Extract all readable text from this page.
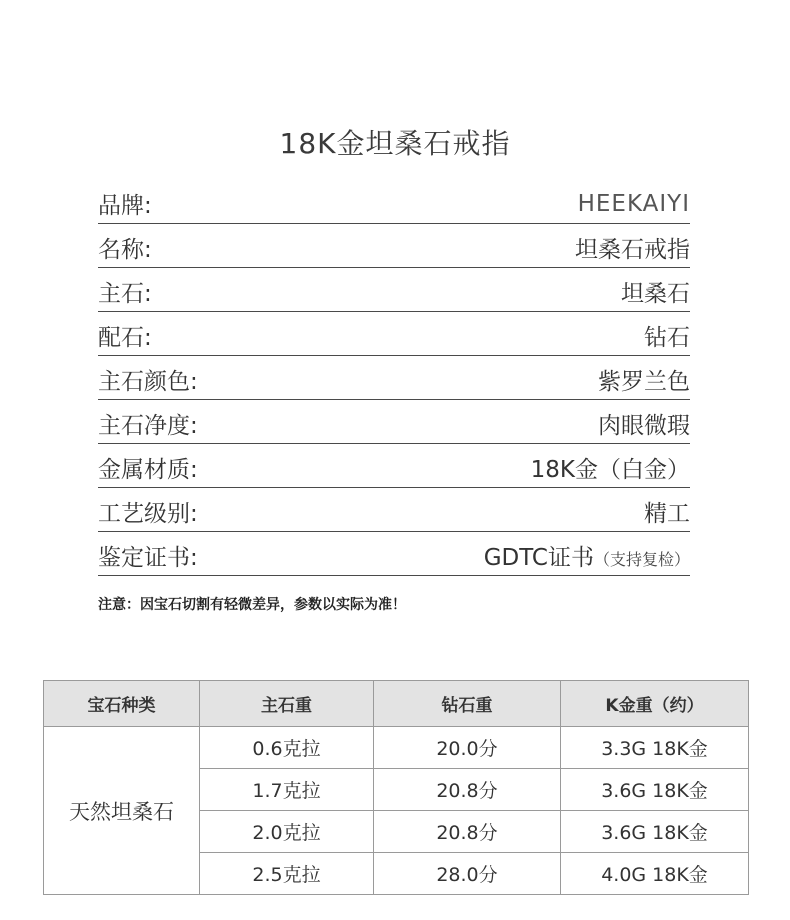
18K金坦桑石戒指
品牌:	HEEKAIYI
名称:	坦桑石戒指
主石:	坦桑石
配石:	钻石
主石颜色:	紫罗兰色
主石净度:	肉眼微瑕
金属材质:	18K金（白金）
工艺级别:	精工
鉴定证书:	GDTC证书（支持复检）
注意：因宝石切割有轻微差异，参数以实际为准！
宝石种类	主石重	钻石重	K金重（约）
天然坦桑石	0.6克拉	20.0分	3.3G 18K金
	1.7克拉	20.8分	3.6G 18K金
	2.0克拉	20.8分	3.6G 18K金
	2.5克拉	28.0分	4.0G 18K金
